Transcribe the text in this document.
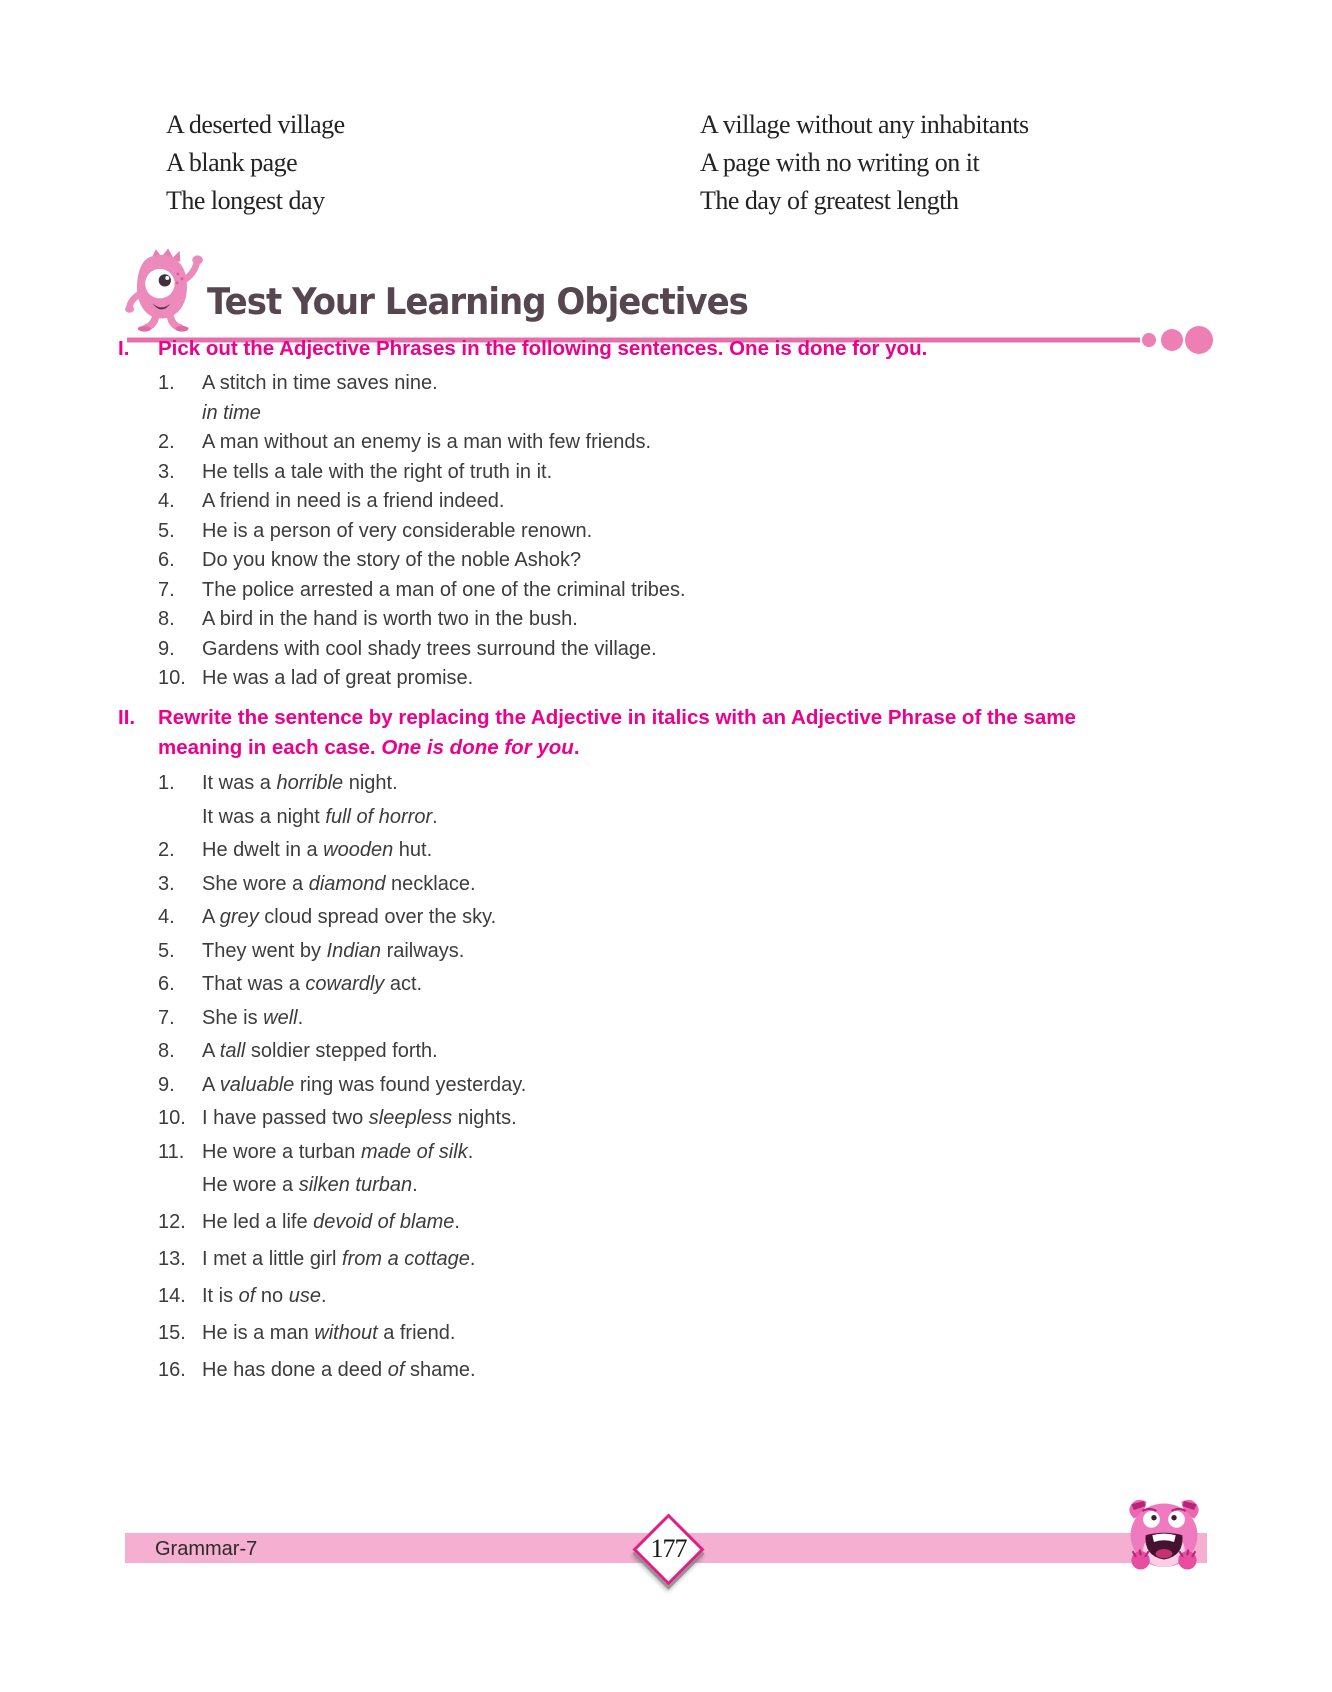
A deserted village	A village without any inhabitants
A blank page	A page with no writing on it
The longest day	The day of greatest length
Test Your Learning Objectives
I.	Pick out the Adjective Phrases in the following sentences. One is done for you.
1.	A stitch in time saves nine.
in time
2.	A man without an enemy is a man with few friends.
3.	He tells a tale with the right of truth in it.
4.	A friend in need is a friend indeed.
5.	He is a person of very considerable renown.
6.	Do you know the story of the noble Ashok?
7.	The police arrested a man of one of the criminal tribes.
8.	A bird in the hand is worth two in the bush.
9.	Gardens with cool shady trees surround the village.
10. He was a lad of great promise.
II.	Rewrite the sentence by replacing the Adjective in italics with an Adjective Phrase of the same meaning in each case. One is done for you.
1.	It was a horrible night.
It was a night full of horror.
2.	He dwelt in a wooden hut.
3.	She wore a diamond necklace.
4.	A grey cloud spread over the sky.
5.	They went by Indian railways.
6.	That was a cowardly act.
7.	She is well.
8.	A tall soldier stepped forth.
9.	A valuable ring was found yesterday.
10. I have passed two sleepless nights.
11. He wore a turban made of silk.
He wore a silken turban.
12. He led a life devoid of blame.
13. I met a little girl from a cottage.
14. It is of no use.
15. He is a man without a friend.
16. He has done a deed of shame.
Grammar-7	177
